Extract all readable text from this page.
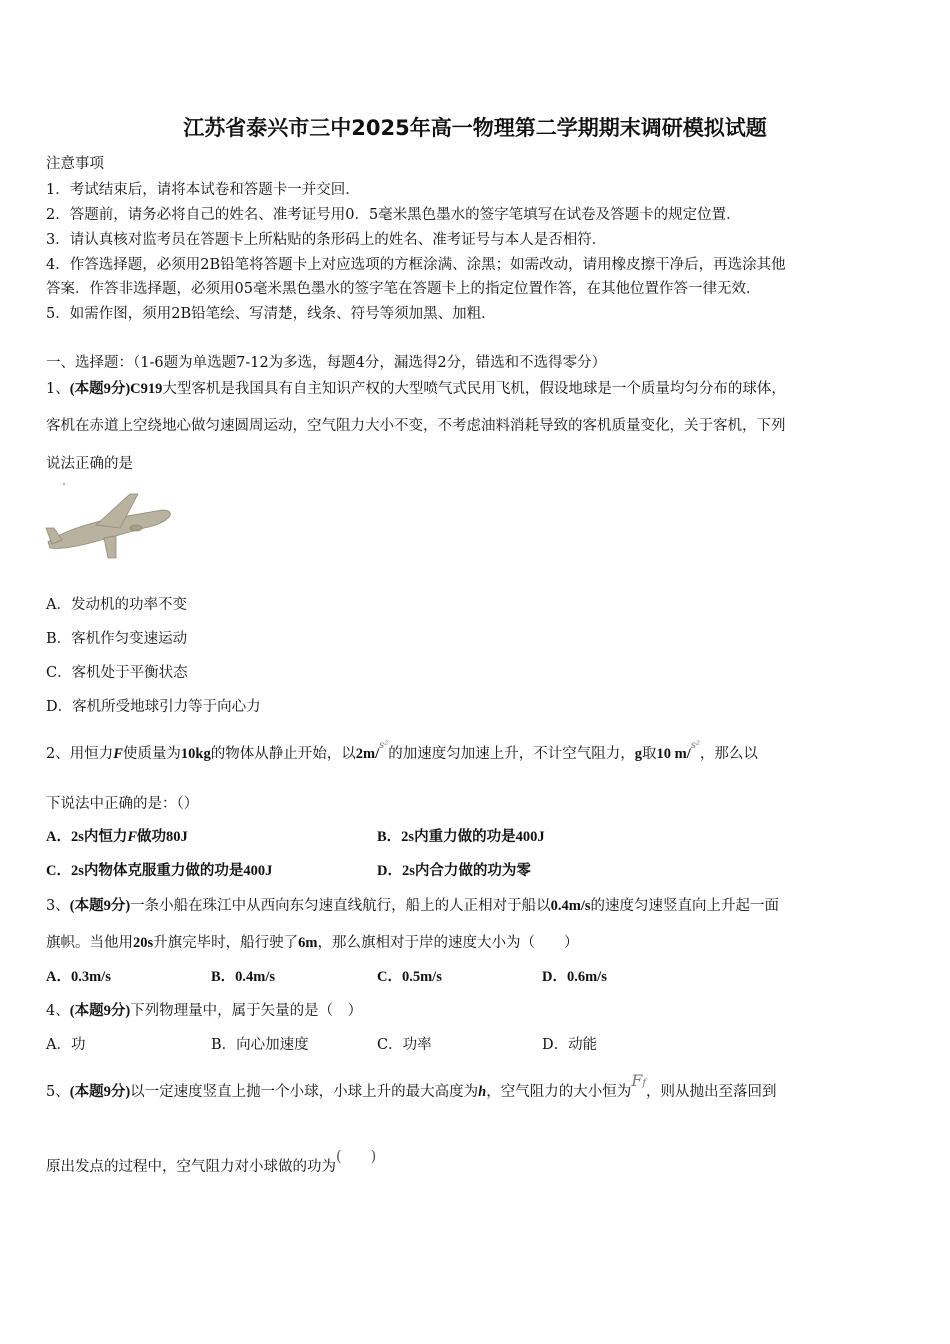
江苏省泰兴市三中2025年高一物理第二学期期末调研模拟试题
注意事项
1．考试结束后，请将本试卷和答题卡一并交回．
2．答题前，请务必将自己的姓名、准考证号用0．5毫米黑色墨水的签字笔填写在试卷及答题卡的规定位置．
3．请认真核对监考员在答题卡上所粘贴的条形码上的姓名、准考证号与本人是否相符．
4．作答选择题，必须用2B铅笔将答题卡上对应选项的方框涂满、涂黑；如需改动，请用橡皮擦干净后，再选涂其他
答案．作答非选择题，必须用05毫米黑色墨水的签字笔在答题卡上的指定位置作答，在其他位置作答一律无效．
5．如需作图，须用2B铅笔绘、写清楚，线条、符号等须加黑、加粗．
一、选择题：（1-6题为单选题7-12为多选，每题4分，漏选得2分，错选和不选得零分）
1、(本题9分)C919大型客机是我国具有自主知识产权的大型喷气式民用飞机，假设地球是一个质量均匀分布的球体，
客机在赤道上空绕地心做匀速圆周运动，空气阻力大小不变，不考虑油料消耗导致的客机质量变化，关于客机，下列
说法正确的是
A．发动机的功率不变
B．客机作匀变速运动
C．客机处于平衡状态
D．客机所受地球引力等于向心力
2、用恒力F使质量为10kg的物体从静止开始，以2m/$^{s^2}$的加速度匀加速上升，不计空气阻力，g取10 m/$^{s^2}$，那么以
下说法中正确的是：（）
A．2s内恒力F做功80J	B．2s内重力做的功是400J
C．2s内物体克服重力做的功是400J	D．2s内合力做的功为零
3、(本题9分)一条小船在珠江中从西向东匀速直线航行，船上的人正相对于船以0.4m/s的速度匀速竖直向上升起一面
旗帜。当他用20s升旗完毕时，船行驶了6m，那么旗相对于岸的速度大小为（　　）
A．0.3m/s	B．0.4m/s	C．0.5m/s	D．0.6m/s
4、(本题9分)下列物理量中，属于矢量的是（　）
A．功	B．向心加速度	C．功率	D．动能
5、(本题9分)以一定速度竖直上抛一个小球，小球上升的最大高度为h，空气阻力的大小恒为$F^f$，则从抛出至落回到
原出发点的过程中，空气阻力对小球做的功为(　　)
